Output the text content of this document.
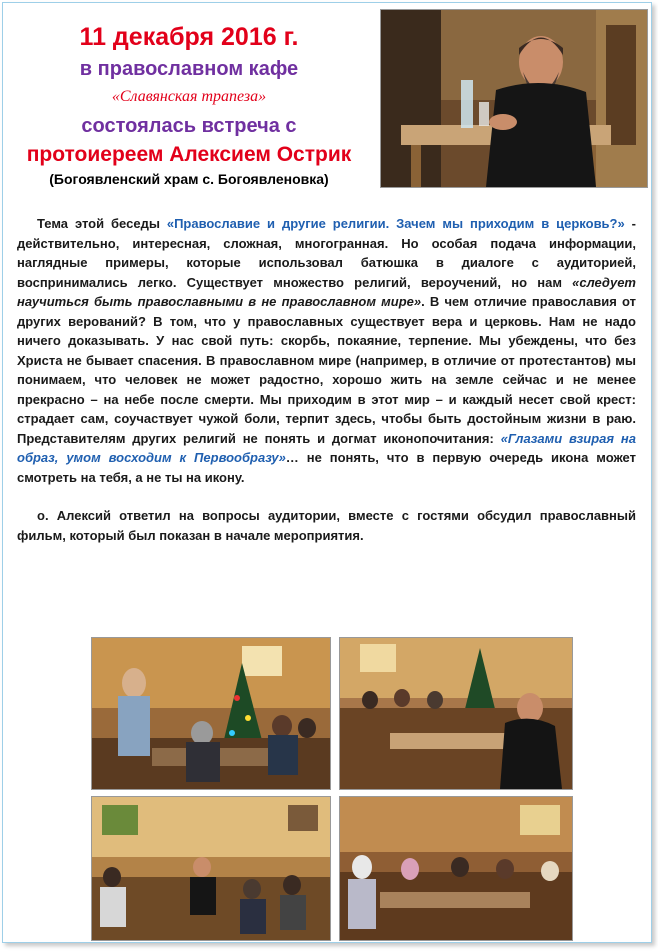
11 декабря 2016 г.
в православном кафе
«Славянская трапеза»
состоялась встреча с
протоиереем Алексием Острик
(Богоявленский храм с. Богоявленовка)

Тема этой беседы «Православие и другие религии. Зачем мы приходим в церковь?» - действительно, интересная, сложная, многогранная. Но особая подача информации, наглядные примеры, которые использовал батюшка в диалоге с аудиторией, воспринимались легко. Существует множество религий, вероучений, но нам «следует научиться быть православными в не православном мире». В чем отличие православия от других верований? В том, что у православных существует вера и церковь. Нам не надо ничего доказывать. У нас свой путь: скорбь, покаяние, терпение. Мы убеждены, что без Христа не бывает спасения. В православном мире (например, в отличие от протестантов) мы понимаем, что человек не может радостно, хорошо жить на земле сейчас и не менее прекрасно – на небе после смерти. Мы приходим в этот мир – и каждый несет свой крест: страдает сам, соучаствует чужой боли, терпит здесь, чтобы быть достойным жизни в раю. Представителям других религий не понять и догмат иконопочитания: «Глазами взирая на образ, умом восходим к Первообразу»… не понять, что в первую очередь икона может смотреть на тебя, а не ты на икону.

о. Алексий ответил на вопросы аудитории, вместе с гостями обсудил православный фильм, который был показан в начале мероприятия.
